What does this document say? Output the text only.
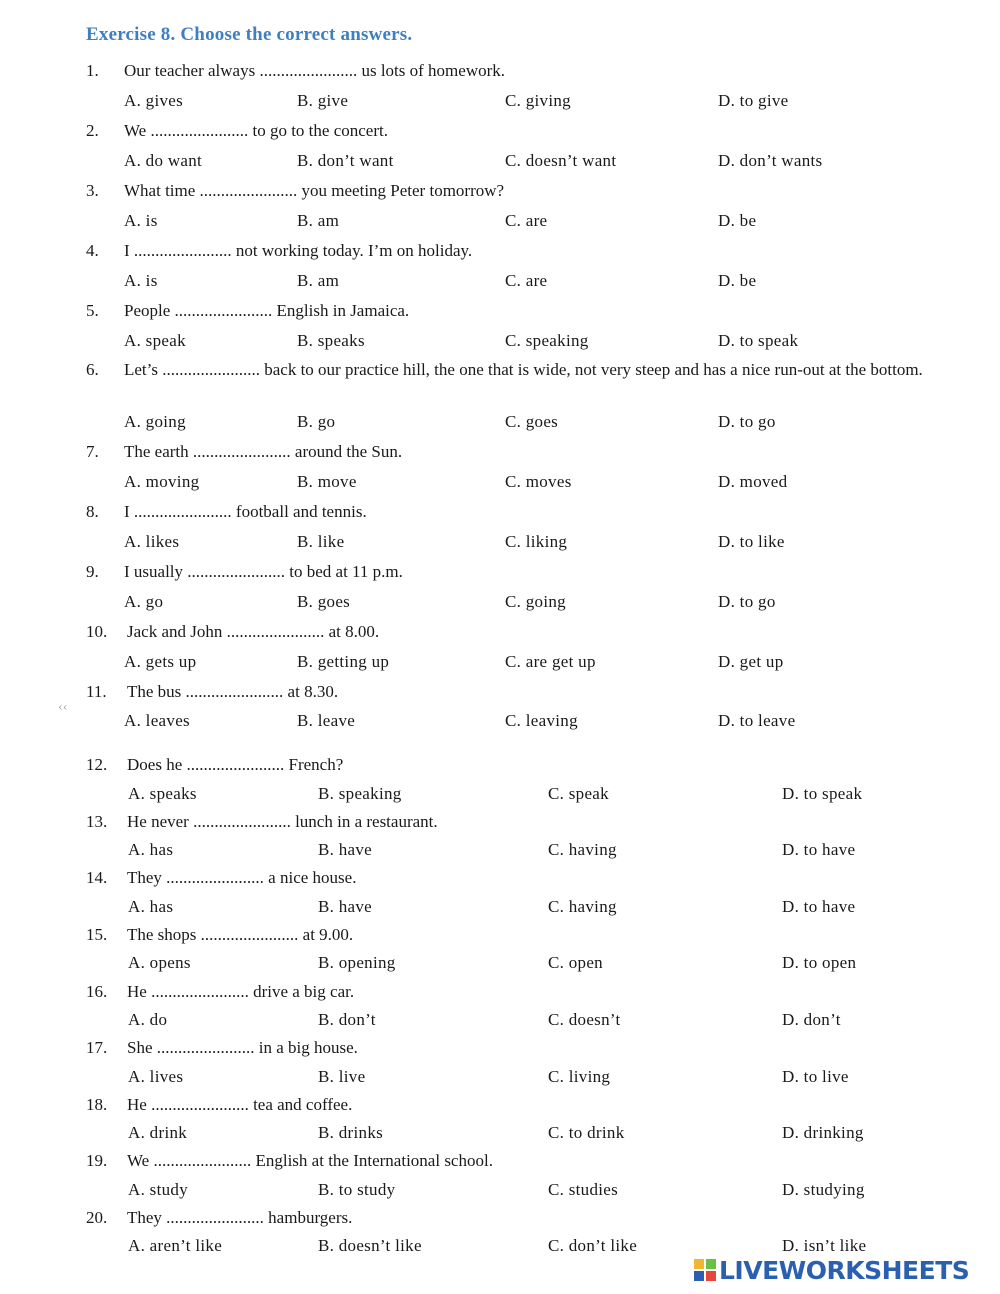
Exercise 8. Choose the correct answers.
‹‹
1. Our teacher always ....................... us lots of homework.
A. gives	B. give	C. giving	D. to give
2. We ....................... to go to the concert.
A. do want	B. don’t want	C. doesn’t want	D. don’t wants
3. What time ....................... you meeting Peter tomorrow?
A. is	B. am	C. are	D. be
4. I ....................... not working today. I’m on holiday.
A. is	B. am	C. are	D. be
5. People ....................... English in Jamaica.
A. speak	B. speaks	C. speaking	D. to speak
6. Let’s ....................... back to our practice hill, the one that is wide, not very steep and has a nice run-out at the bottom.
A. going	B. go	C. goes	D. to go
7. The earth ....................... around the Sun.
A. moving	B. move	C. moves	D. moved
8. I ....................... football and tennis.
A. likes	B. like	C. liking	D. to like
9. I usually ....................... to bed at 11 p.m.
A. go	B. goes	C. going	D. to go
10. Jack and John ....................... at 8.00.
A. gets up	B. getting up	C. are get up	D. get up
11. The bus ....................... at 8.30.
A. leaves	B. leave	C. leaving	D. to leave
12. Does he ....................... French?
A. speaks	B. speaking	C. speak	D. to speak
13. He never ....................... lunch in a restaurant.
A. has	B. have	C. having	D. to have
14. They ....................... a nice house.
A. has	B. have	C. having	D. to have
15. The shops ....................... at 9.00.
A. opens	B. opening	C. open	D. to open
16. He ....................... drive a big car.
A. do	B. don’t	C. doesn’t	D. don’t
17. She ....................... in a big house.
A. lives	B. live	C. living	D. to live
18. He ....................... tea and coffee.
A. drink	B. drinks	C. to drink	D. drinking
19. We ....................... English at the International school.
A. study	B. to study	C. studies	D. studying
20. They ....................... hamburgers.
A. aren’t like	B. doesn’t like	C. don’t like	D. isn’t like
LIVEWORKSHEETS
